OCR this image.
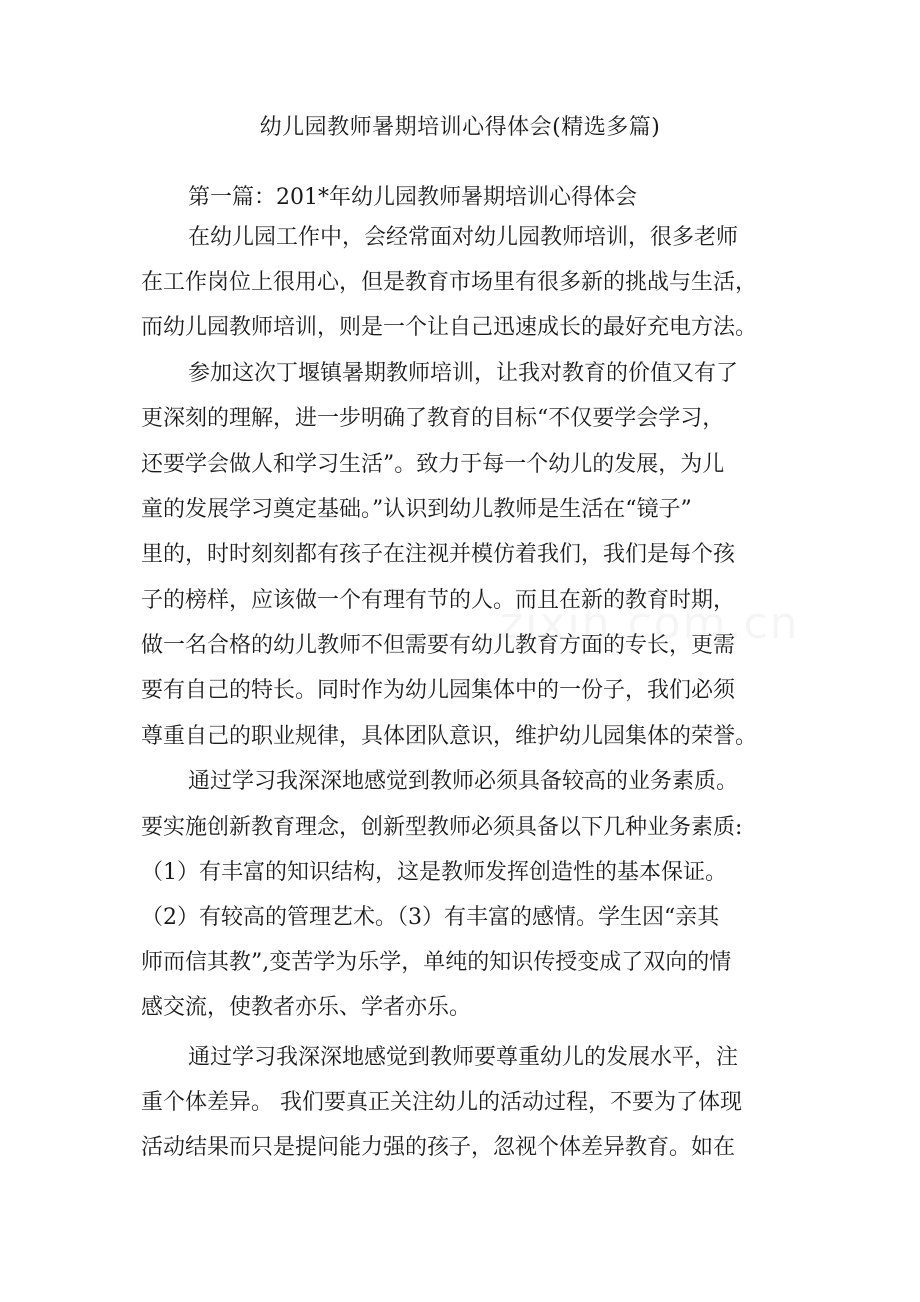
幼儿园教师暑期培训心得体会(精选多篇)
第一篇：201*年幼儿园教师暑期培训心得体会
在幼儿园工作中，会经常面对幼儿园教师培训，很多老师
在工作岗位上很用心，但是教育市场里有很多新的挑战与生活，
而幼儿园教师培训，则是一个让自己迅速成长的最好充电方法。
参加这次丁堰镇暑期教师培训，让我对教育的价值又有了
更深刻的理解，进一步明确了教育的目标“不仅要学会学习，
还要学会做人和学习生活”。致力于每一个幼儿的发展，为儿
童的发展学习奠定基础。”认识到幼儿教师是生活在“镜子”
里的，时时刻刻都有孩子在注视并模仿着我们，我们是每个孩
子的榜样，应该做一个有理有节的人。而且在新的教育时期，
做一名合格的幼儿教师不但需要有幼儿教育方面的专长，更需
要有自己的特长。同时作为幼儿园集体中的一份子，我们必须
尊重自己的职业规律，具体团队意识，维护幼儿园集体的荣誉。
通过学习我深深地感觉到教师必须具备较高的业务素质。
要实施创新教育理念，创新型教师必须具备以下几种业务素质:
（1）有丰富的知识结构，这是教师发挥创造性的基本保证。
（2）有较高的管理艺术。（3）有丰富的感情。学生因“亲其
师而信其教”,变苦学为乐学，单纯的知识传授变成了双向的情
感交流，使教者亦乐、学者亦乐。
通过学习我深深地感觉到教师要尊重幼儿的发展水平，注
重个体差异。 我们要真正关注幼儿的活动过程，不要为了体现
活动结果而只是提问能力强的孩子，忽视个体差异教育。如在
